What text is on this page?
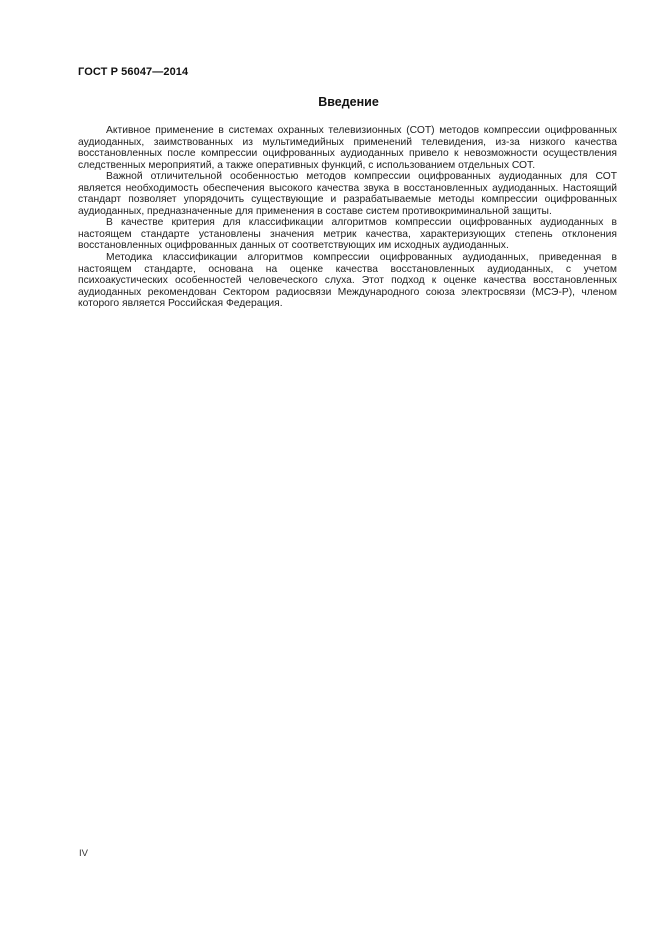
ГОСТ Р 56047—2014
Введение

Активное применение в системах охранных телевизионных (СОТ) методов компрессии оцифрованных аудиоданных, заимствованных из мультимедийных применений телевидения, из-за низкого качества восстановленных после компрессии оцифрованных аудиоданных привело к невозможности осуществления следственных мероприятий, а также оперативных функций, с использованием отдельных СОТ.

Важной отличительной особенностью методов компрессии оцифрованных аудиоданных для СОТ является необходимость обеспечения высокого качества звука в восстановленных аудиоданных. Настоящий стандарт позволяет упорядочить существующие и разрабатываемые методы компрессии оцифрованных аудиоданных, предназначенные для применения в составе систем противокриминальной защиты.

В качестве критерия для классификации алгоритмов компрессии оцифрованных аудиоданных в настоящем стандарте установлены значения метрик качества, характеризующих степень отклонения восстановленных оцифрованных данных от соответствующих им исходных аудиоданных.

Методика классификации алгоритмов компрессии оцифрованных аудиоданных, приведенная в настоящем стандарте, основана на оценке качества восстановленных аудиоданных, с учетом психоакустических особенностей человеческого слуха. Этот подход к оценке качества восстановленных аудиоданных рекомендован Сектором радиосвязи Международного союза электросвязи (МСЭ-Р), членом которого является Российская Федерация.

IV
